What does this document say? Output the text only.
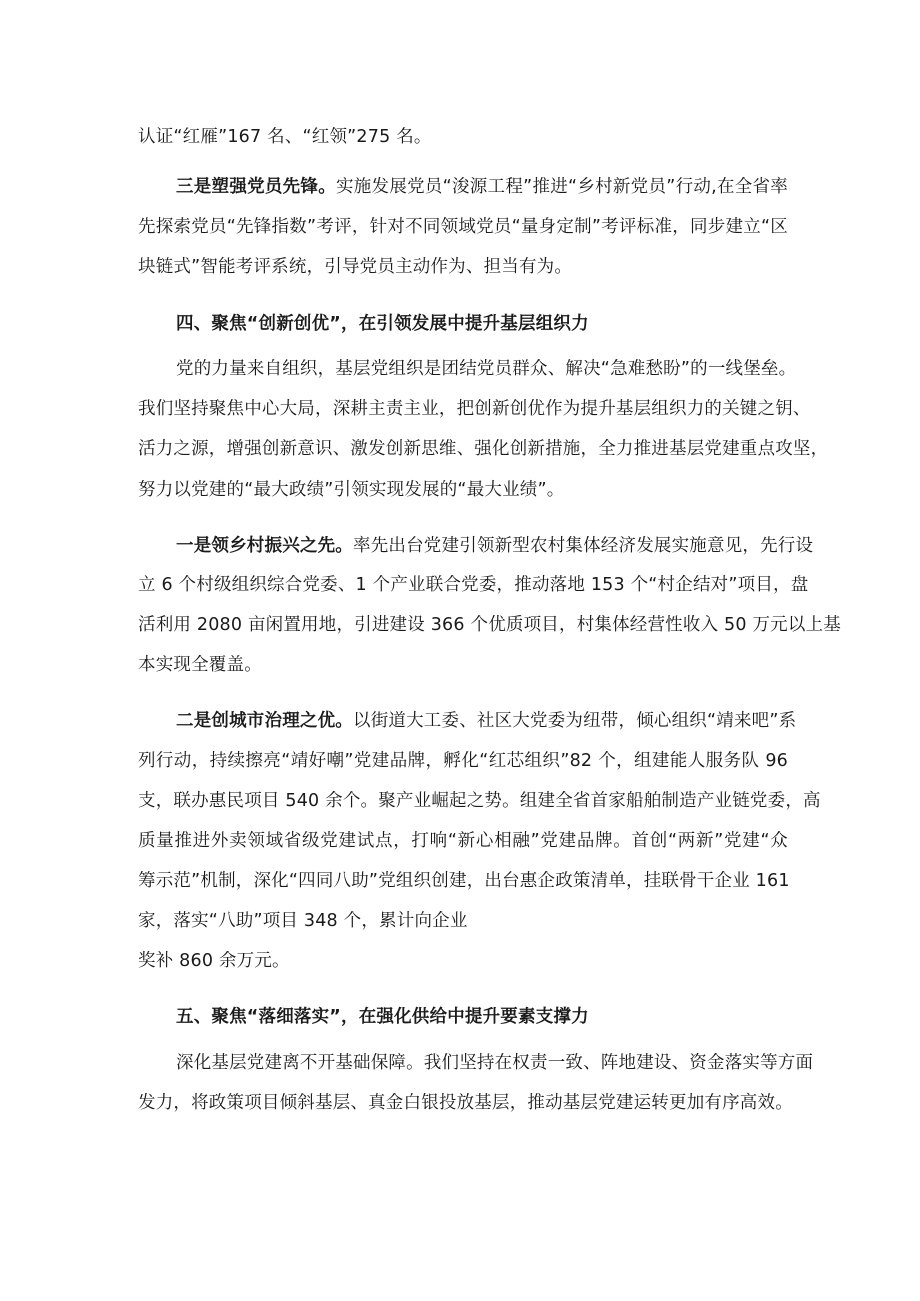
认证“红雁”167 名、“红领”275 名。
三是塑强党员先锋。实施发展党员“浚源工程”推进“乡村新党员”行动,在全省率
先探索党员“先锋指数”考评，针对不同领域党员“量身定制”考评标准，同步建立“区
块链式”智能考评系统，引导党员主动作为、担当有为。
四、聚焦“创新创优”，在引领发展中提升基层组织力
党的力量来自组织，基层党组织是团结党员群众、解决“急难愁盼”的一线堡垒。
我们坚持聚焦中心大局，深耕主责主业，把创新创优作为提升基层组织力的关键之钥、
活力之源，增强创新意识、激发创新思维、强化创新措施，全力推进基层党建重点攻坚，
努力以党建的“最大政绩”引领实现发展的“最大业绩”。
一是领乡村振兴之先。率先出台党建引领新型农村集体经济发展实施意见，先行设
立 6 个村级组织综合党委、1 个产业联合党委，推动落地 153 个“村企结对”项目，盘
活利用 2080 亩闲置用地，引进建设 366 个优质项目，村集体经营性收入 50 万元以上基
本实现全覆盖。
二是创城市治理之优。以街道大工委、社区大党委为纽带，倾心组织“靖来吧”系
列行动，持续擦亮“靖好嘲”党建品牌，孵化“红芯组织”82 个，组建能人服务队 96
支，联办惠民项目 540 余个。聚产业崛起之势。组建全省首家船舶制造产业链党委，高
质量推进外卖领域省级党建试点，打响“新心相融”党建品牌。首创“两新”党建“众
筹示范”机制，深化“四同八助”党组织创建，出台惠企政策清单，挂联骨干企业 161
家，落实“八助”项目 348 个，累计向企业
奖补 860 余万元。
五、聚焦“落细落实”，在强化供给中提升要素支撑力
深化基层党建离不开基础保障。我们坚持在权责一致、阵地建设、资金落实等方面
发力，将政策项目倾斜基层、真金白银投放基层，推动基层党建运转更加有序高效。
